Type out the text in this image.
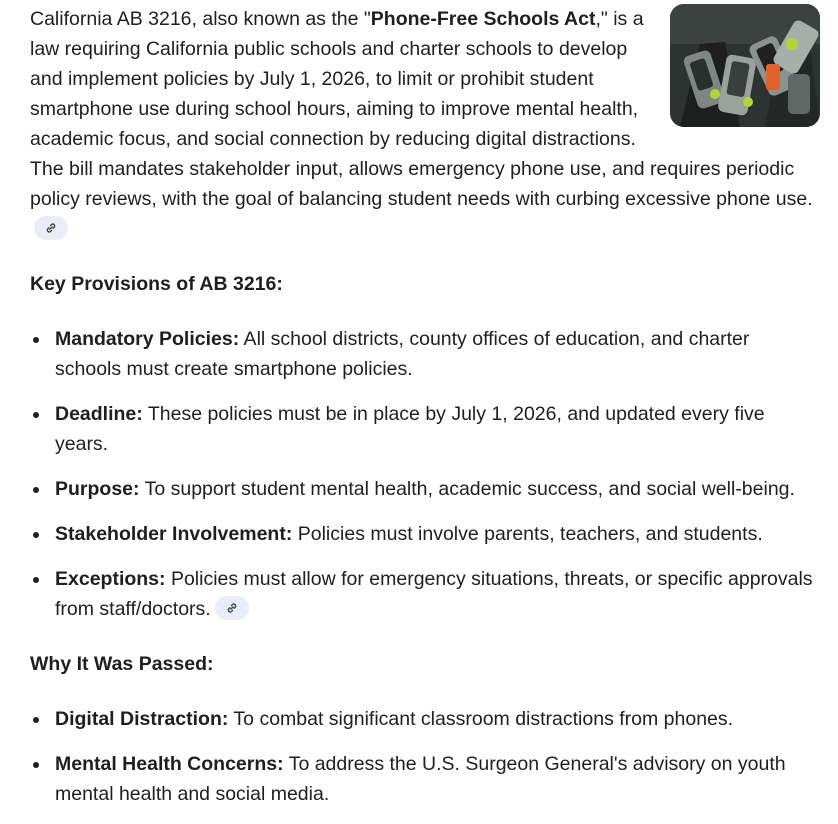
California AB 3216, also known as the "Phone-Free Schools Act," is a law requiring California public schools and charter schools to develop and implement policies by July 1, 2026, to limit or prohibit student smartphone use during school hours, aiming to improve mental health, academic focus, and social connection by reducing digital distractions. The bill mandates stakeholder input, allows emergency phone use, and requires periodic policy reviews, with the goal of balancing student needs with curbing excessive phone use.

Key Provisions of AB 3216:
Mandatory Policies: All school districts, county offices of education, and charter schools must create smartphone policies.
Deadline: These policies must be in place by July 1, 2026, and updated every five years.
Purpose: To support student mental health, academic success, and social well-being.
Stakeholder Involvement: Policies must involve parents, teachers, and students.
Exceptions: Policies must allow for emergency situations, threats, or specific approvals from staff/doctors.
Why It Was Passed:
Digital Distraction: To combat significant classroom distractions from phones.
Mental Health Concerns: To address the U.S. Surgeon General's advisory on youth mental health and social media.
